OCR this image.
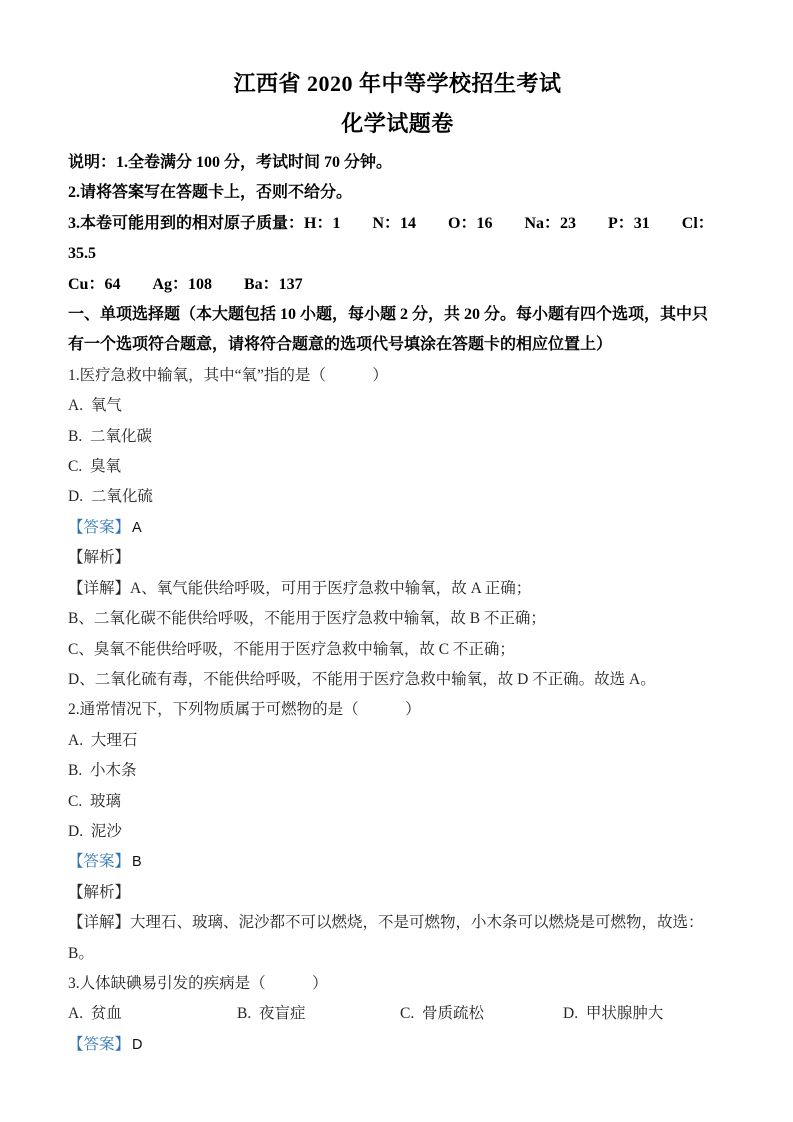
江西省 2020 年中等学校招生考试
化学试题卷

说明：1.全卷满分 100 分，考试时间 70 分钟。

2.请将答案写在答题卡上，否则不给分。

3.本卷可能用到的相对原子质量：H：1　　N：14　　O：16　　Na：23　　P：31　　Cl：35.5

Cu：64　　Ag：108　　Ba：137

一、单项选择题（本大题包括 10 小题，每小题 2 分，共 20 分。每小题有四个选项，其中只

有一个选项符合题意，请将符合题意的选项代号填涂在答题卡的相应位置上）

1.医疗急救中输氧，其中“氧”指的是（　　　）

A.  氧气

B.  二氧化碳

C.  臭氧

D.  二氧化硫

【答案】 A

【解析】

【详解】A、氧气能供给呼吸，可用于医疗急救中输氧，故 A 正确；

B、二氧化碳不能供给呼吸，不能用于医疗急救中输氧，故 B 不正确；

C、臭氧不能供给呼吸，不能用于医疗急救中输氧，故 C 不正确；

D、二氧化硫有毒，不能供给呼吸，不能用于医疗急救中输氧，故 D 不正确。故选 A。

2.通常情况下，下列物质属于可燃物的是（　　　）

A.  大理石

B.  小木条

C.  玻璃

D.  泥沙

【答案】 B

【解析】

【详解】大理石、玻璃、泥沙都不可以燃烧，不是可燃物，小木条可以燃烧是可燃物，故选：B。

3.人体缺碘易引发的疾病是（　　　）

A.  贫血	B.  夜盲症	C.  骨质疏松	D.  甲状腺肿大

【答案】 D
